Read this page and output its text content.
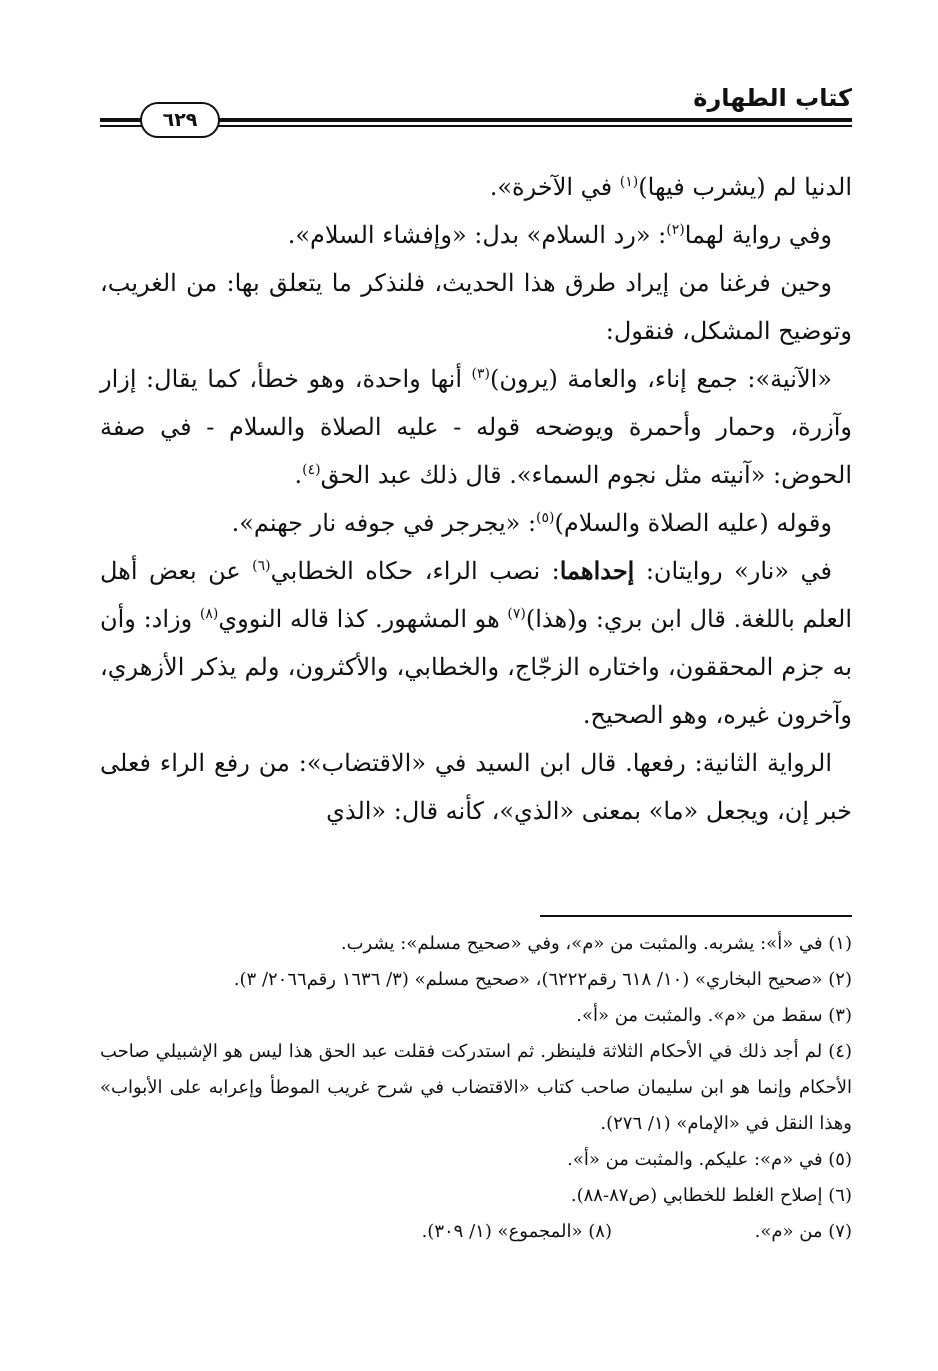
كتاب الطهارة
٦٢٩

الدنيا لم (يشرب فيها)$^{(١)}$ في الآخرة».

وفي رواية لهما$^{(٢)}$: «رد السلام» بدل: «وإفشاء السلام».

وحين فرغنا من إيراد طرق هذا الحديث، فلنذكر ما يتعلق بها: من الغريب، وتوضيح المشكل، فنقول:

«الآنية»: جمع إناء، والعامة (يرون)$^{(٣)}$ أنها واحدة، وهو خطأ، كما يقال: إزار وآزرة، وحمار وأحمرة ويوضحه قوله - عليه الصلاة والسلام - في صفة الحوض: «آنيته مثل نجوم السماء». قال ذلك عبد الحق$^{(٤)}$.

وقوله (عليه الصلاة والسلام)$^{(٥)}$: «يجرجر في جوفه نار جهنم».

في «نار» روايتان: إحداهما: نصب الراء، حكاه الخطابي$^{(٦)}$ عن بعض أهل العلم باللغة. قال ابن بري: و(هذا)$^{(٧)}$ هو المشهور. كذا قاله النووي$^{(٨)}$ وزاد: وأن به جزم المحققون، واختاره الزجّاج، والخطابي، والأكثرون، ولم يذكر الأزهري، وآخرون غيره، وهو الصحيح.

الرواية الثانية: رفعها. قال ابن السيد في «الاقتضاب»: من رفع الراء فعلى خبر إن، ويجعل «ما» بمعنى «الذي»، كأنه قال: «الذي

(١) في «أ»: يشربه. والمثبت من «م»، وفي «صحيح مسلم»: يشرب.

(٢) «صحيح البخاري» (١٠/ ٦١٨ رقم٦٢٢٢)، «صحيح مسلم» (٣/ ١٦٣٦ رقم٢٠٦٦/ ٣).

(٣) سقط من «م». والمثبت من «أ».

(٤) لم أجد ذلك في الأحكام الثلاثة فلينظر. ثم استدركت فقلت عبد الحق هذا ليس هو الإشبيلي صاحب الأحكام وإنما هو ابن سليمان صاحب كتاب «الاقتضاب في شرح غريب الموطأ وإعرابه على الأبواب» وهذا النقل في «الإمام» (١/ ٢٧٦).

(٥) في «م»: عليكم. والمثبت من «أ».

(٦) إصلاح الغلط للخطابي (ص٨٧-٨٨).

(٧) من «م».
(٨) «المجموع» (١/ ٣٠٩).
